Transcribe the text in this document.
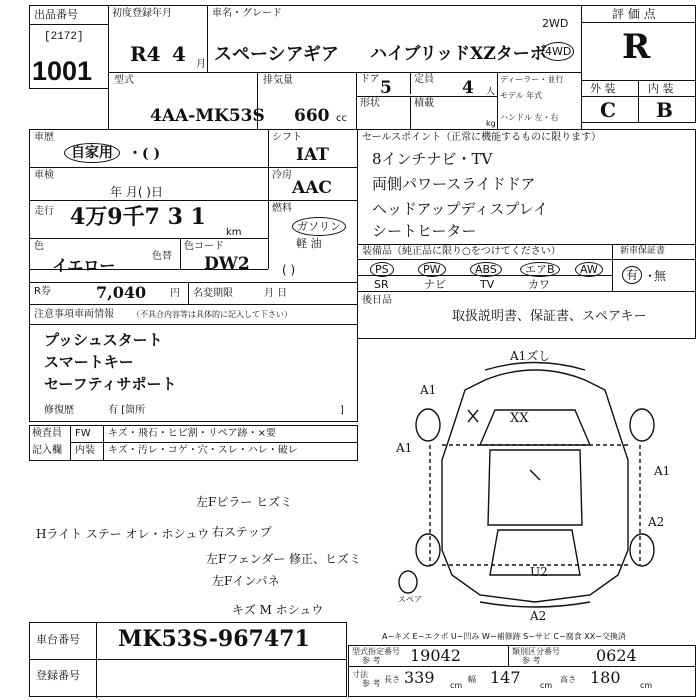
出品番号
[2172]
1001
初度登録年月
R4 4 月
車名・グレード
スペーシアギア ハイブリッドXZターボ
2WD
4WD
評 価 点
R
外 装	内 装
C B
型式
4AA-MK53S
排気量
660 cc
ドア 5 定員 4 人
ディーラー・並行
モデル 年式
形状	積載
kg
ハンドル 左・右
車歴
自家用	・( )
シフト
IAT
車検
年 月( )日
冷房
AAC
走行 4万9千7 3 1
km
燃料
ガソリン
軽 油
( )
色
イエロー	色替
色コード
DW2
R券	7,040 円 名変期限	月 日
注意事項車両情報 （不具合内容等は具体的に記入して下さい）
プッシュスタート
スマートキー
セーフティサポート
修復歴	有 [箇所	]
検査員
記入欄
FW キズ・飛石・ヒビ割・リペア跡・×要
内装 キズ・汚レ・コゲ・穴・スレ・ハレ・破レ
左Fピラー ヒズミ
Hライト ステー オレ・ホシュウ 右ステップ
左Fフェンダー 修正、ヒズミ
左Fインパネ
キズ M ホシュウ
セールスポイント（正常に機能するものに限ります）
8インチナビ・TV
両側パワースライドドア
ヘッドアップディスプレイ
シートヒーター
装備品（純正品に限り○をつけてください）	新車保証書
PS	PW	ABS	エアB	AW
SR	ナビ	TV	カワ
有 ・
無
後日品
取扱説明書、保証書、スペアキー
A1ズし
XX
A1
A1
A1
A2
U2
A2
スペア
A−キズ E−エクボ U−凹み W−補修跡 S−サビ C−腐食 XX−交換済
車台番号 MK53S-967471
登録番号
型式指定番号
参 考 19042	類別区分番号
参 考	0624
寸法
参 考 長さ 339 cm
幅 147 cm
高さ 180 cm
